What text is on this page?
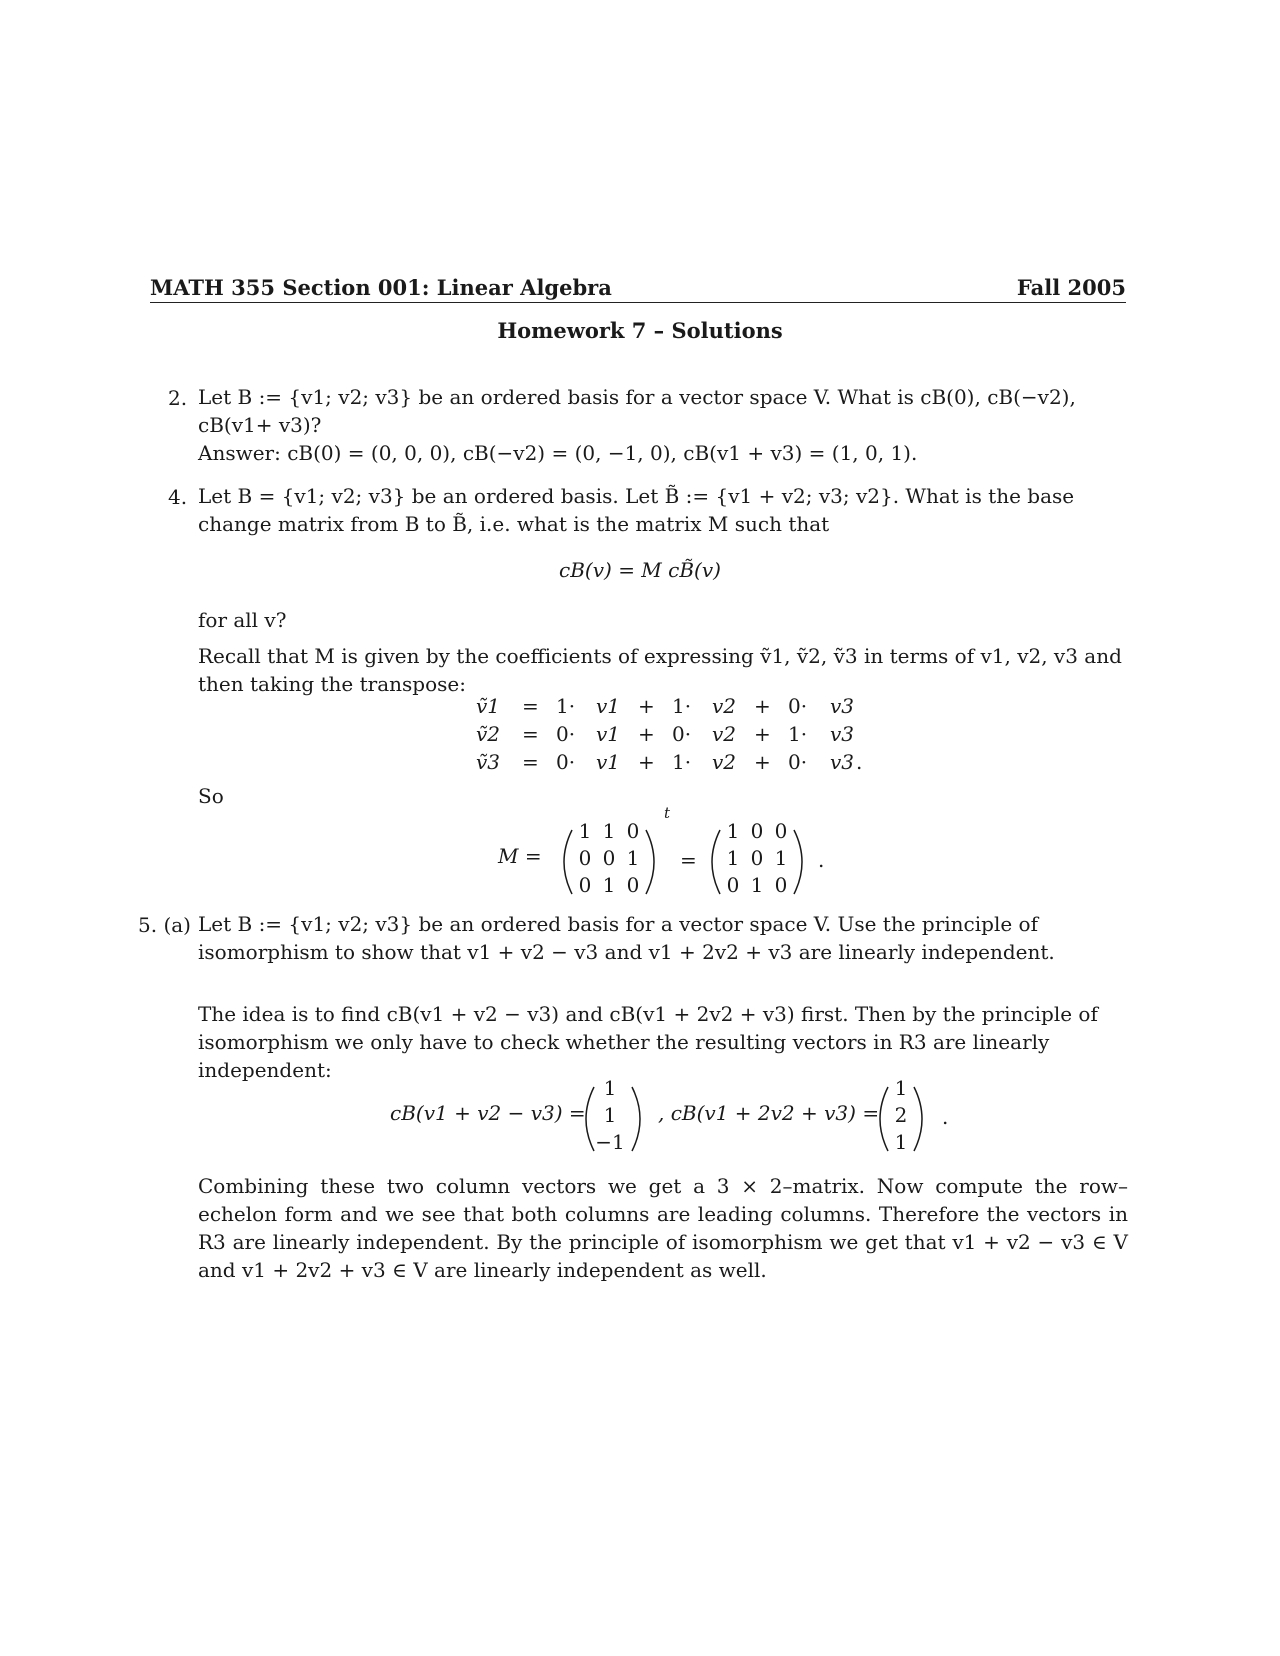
MATH 355 Section 001: Linear Algebra	Fall 2005
Homework 7 – Solutions
2. Let B := {v1; v2; v3} be an ordered basis for a vector space V. What is cB(0), cB(−v2), cB(v1+ v3)?
Answer: cB(0) = (0, 0, 0), cB(−v2) = (0, −1, 0), cB(v1 + v3) = (1, 0, 1).
4. Let B = {v1; v2; v3} be an ordered basis. Let B̃ := {v1 + v2; v3; v2}. What is the base change matrix from B to B̃, i.e. what is the matrix M such that
cB(v) = M cB̃(v)
for all v?
Recall that M is given by the coefficients of expressing ṽ1, ṽ2, ṽ3 in terms of v1, v2, v3 and then taking the transpose:
ṽ1 = 1· v1 + 1· v2 + 0· v3
ṽ2 = 0· v1 + 0· v2 + 1· v3
ṽ3 = 0· v1 + 1· v2 + 0· v3 .
So
M =
t
=	.
1 1 0
0 0 1
0 1 0
1 0 0
1 0 1
0 1 0
5. (a) Let B := {v1; v2; v3} be an ordered basis for a vector space V. Use the principle of isomorphism to show that v1 + v2 − v3 and v1 + 2v2 + v3 are linearly independent.
The idea is to find cB(v1 + v2 − v3) and cB(v1 + 2v2 + v3) first. Then by the principle of isomorphism we only have to check whether the resulting vectors in R3 are linearly independent:
cB(v1 + v2 − v3) =	, cB(v1 + 2v2 + v3) =	.
1
1
−1
1
2
1
Combining these two column vectors we get a 3 × 2–matrix. Now compute the row–echelon form and we see that both columns are leading columns. Therefore the vectors in R3 are linearly independent. By the principle of isomorphism we get that v1 + v2 − v3 ∈ V and v1 + 2v2 + v3 ∈ V are linearly independent as well.
